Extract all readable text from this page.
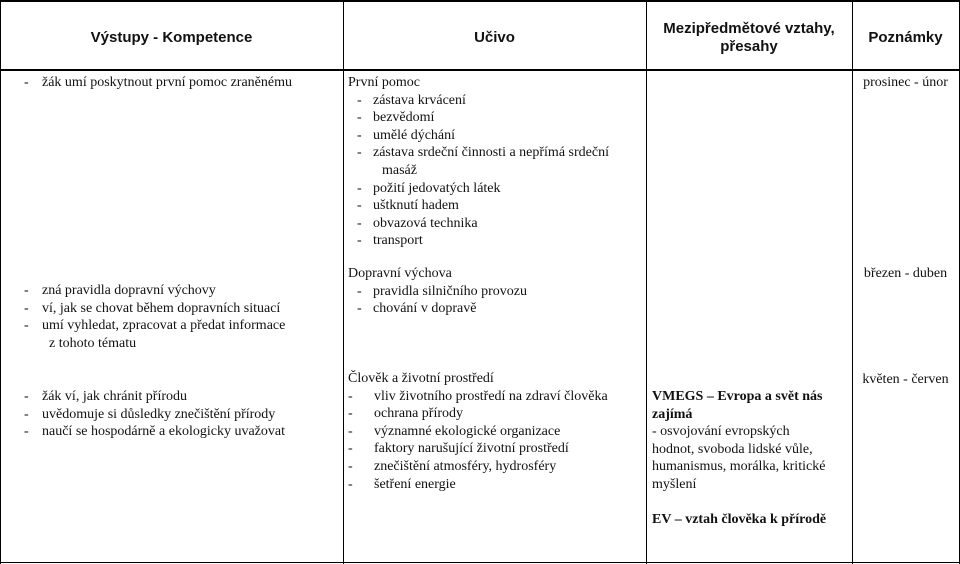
Výstupy - Kompetence	Učivo
Mezipředmětové vztahy,
přesahy
Poznámky
- žák umí poskytnout první pomoc zraněnému	První pomoc
- zástava krvácení
- bezvědomí
- umělé dýchání
- zástava srdeční činnosti a nepřímá srdeční
masáž
- požití jedovatých látek
- uštknutí hadem
- obvazová technika
- transport
prosinec - únor
- zná pravidla dopravní výchovy
- ví, jak se chovat během dopravních situací
- umí vyhledat, zpracovat a předat informace
z tohoto tématu
Dopravní výchova
- pravidla silničního provozu
- chování v dopravě
březen - duben
- žák ví, jak chránit přírodu
- uvědomuje si důsledky znečištění přírody
- naučí se hospodárně a ekologicky uvažovat
Člověk a životní prostředí
- vliv životního prostředí na zdraví člověka
- ochrana přírody
- významné ekologické organizace
- faktory narušující životní prostředí
- znečištění atmosféry, hydrosféry
- šetření energie
VMEGS – Evropa a svět nás zajímá
- osvojování evropských
hodnot, svoboda lidské vůle,
humanismus, morálka, kritické
myšlení
EV – vztah člověka k přírodě
květen - červen
